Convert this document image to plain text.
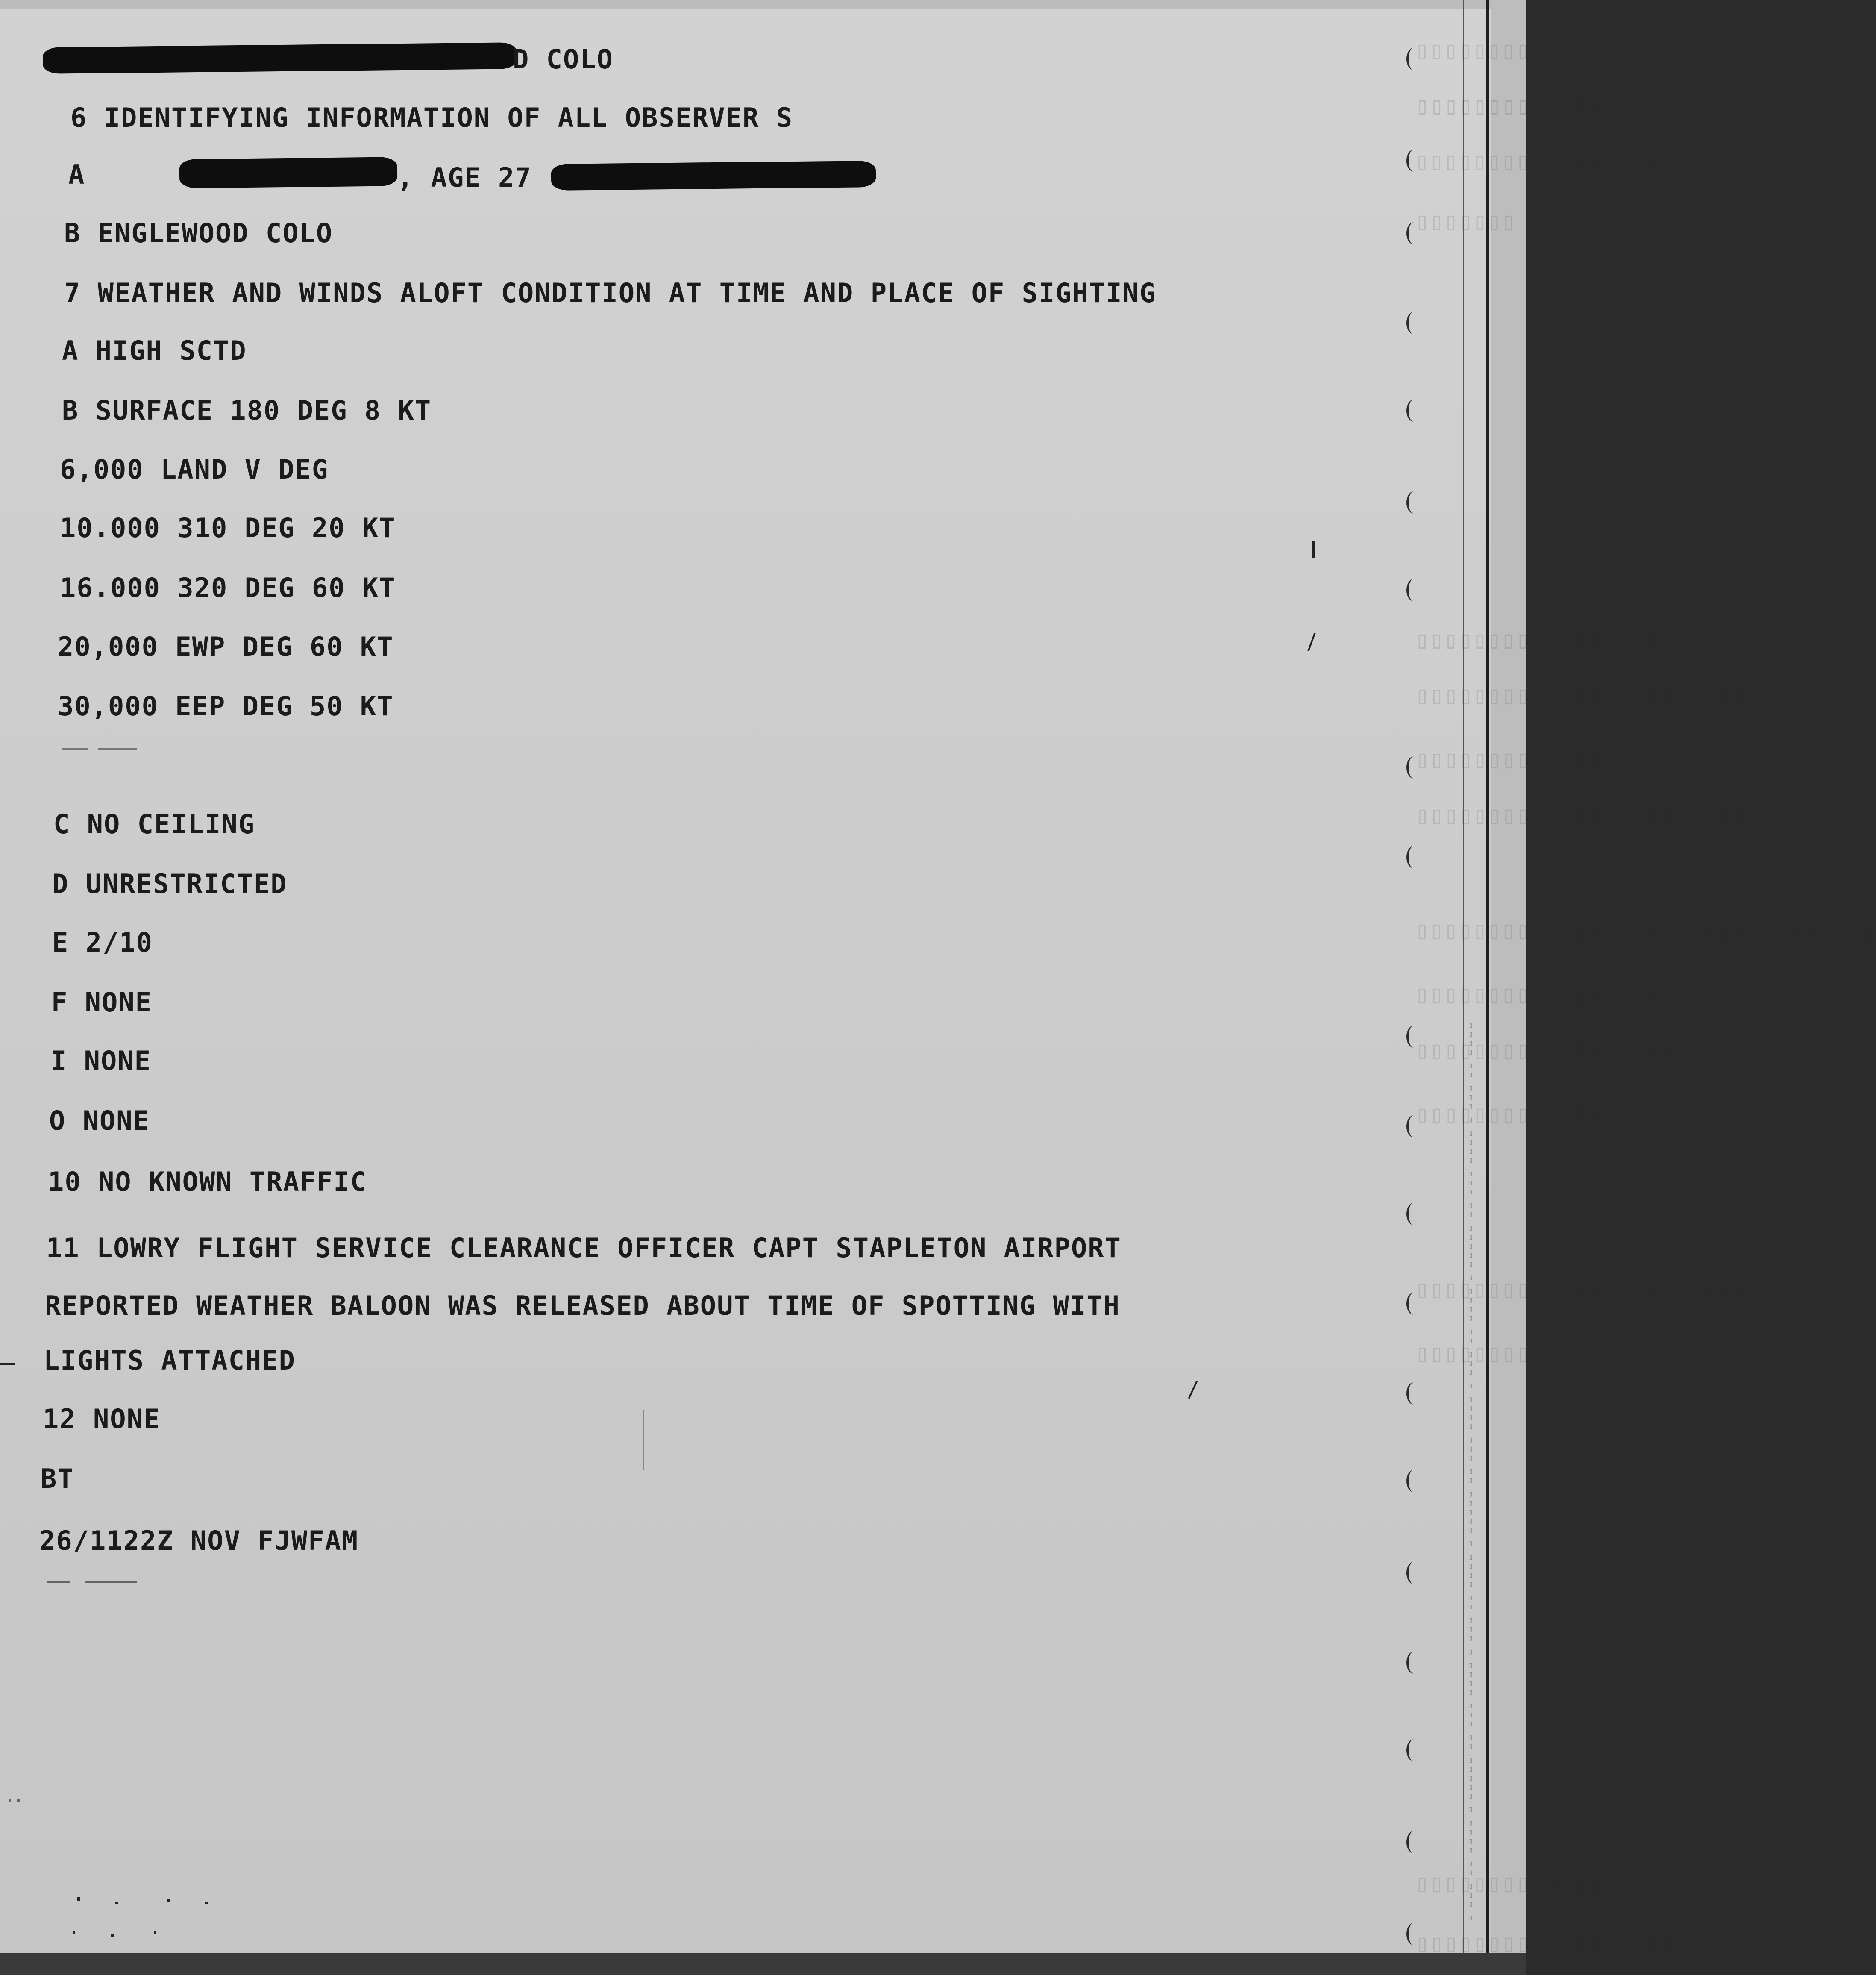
▯▯▯▯▯▯▯▯▯▯▯
▯▯▯▯▯▯▯▯▯▯▯▯▯
▯▯▯▯▯▯▯▯▯▯▯▯▯▯▯▯▯▯▯
▯▯▯▯▯▯▯
▯▯▯▯▯▯▯▯▯▯▯▯▯▯▯▯▯▯
▯▯▯▯▯▯▯▯▯▯▯▯▯▯▯▯▯▯▯▯▯▯▯▯
▯▯▯▯▯▯▯▯▯▯▯▯▯▯▯▯
▯▯▯▯▯▯▯▯▯▯▯▯▯▯▯▯▯▯▯▯▯▯▯
▯▯▯▯▯▯▯▯▯▯▯▯▯▯▯▯▯▯▯▯▯▯▯▯▯▯▯▯▯▯▯▯
▯▯▯▯▯▯▯▯▯▯▯▯▯▯▯▯▯▯
▯▯▯▯▯▯▯▯▯▯▯▯▯▯▯▯▯▯▯▯
▯▯▯▯▯▯▯▯▯▯▯▯▯
▯▯▯▯▯▯▯▯▯▯▯▯▯▯▯▯▯▯▯▯▯▯▯▯▯
▯▯▯▯▯▯▯▯▯▯
▯▯▯▯▯▯▯▯▯▯▯▯▯▯▯
▯▯▯▯▯▯▯▯▯▯▯▯▯▯▯▯▯▯▯▯
D COLO
6 IDENTIFYING INFORMATION OF ALL OBSERVER S
A	, AGE 27
B ENGLEWOOD COLO
7 WEATHER AND WINDS ALOFT CONDITION AT TIME AND PLACE OF SIGHTING
A HIGH SCTD
B SURFACE 180 DEG 8 KT
6,000 LAND V DEG
10.000 310 DEG 20 KT
16.000 320 DEG 60 KT
20,000 EWP DEG 60 KT
30,000 EEP DEG 50 KT
C NO CEILING
D UNRESTRICTED
E 2/10
F NONE
I NONE
O NONE
10 NO KNOWN TRAFFIC
11 LOWRY FLIGHT SERVICE CLEARANCE OFFICER CAPT STAPLETON AIRPORT
REPORTED WEATHER BALOON WAS RELEASED ABOUT TIME OF SPOTTING WITH
LIGHTS ATTACHED
12 NONE
BT
26/1122Z NOV FJWFAM	▯ ▯▯▯ ▯▯ ▯▯▯▯ ▯ ▯▯▯▯▯ ▯▯ ▯▯▯ ▯▯▯▯ ▯ ▯▯▯ ▯▯ ▯▯▯▯ ▯ ▯▯▯▯▯ ▯▯ ▯▯▯ ▯▯▯▯ ▯ ▯▯▯ ▯▯ ▯▯▯▯ ▯ ▯▯▯▯▯ ▯▯ ▯▯▯ ▯▯▯▯ ▯ ▯▯▯ ▯▯ ▯▯▯▯
